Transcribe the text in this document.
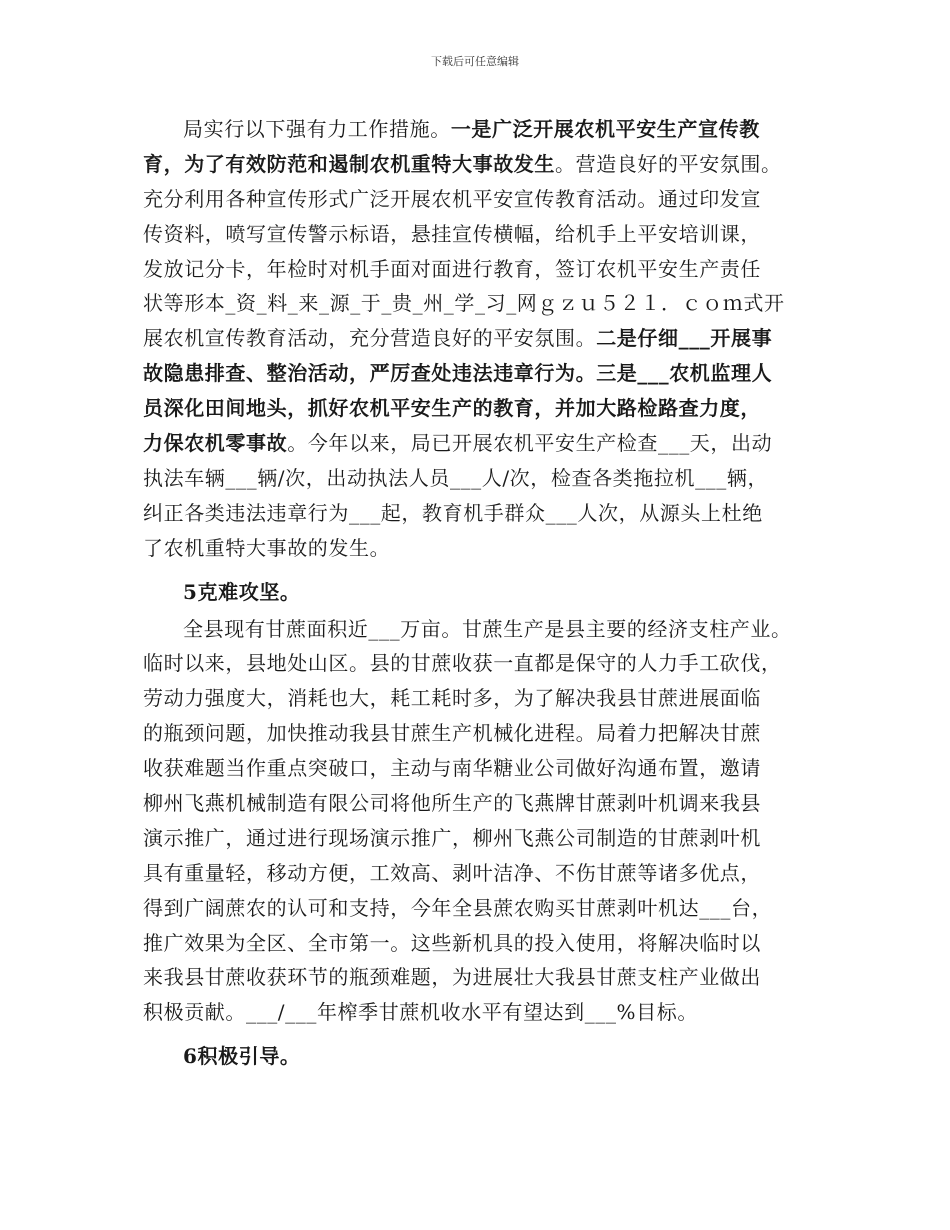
下载后可任意编辑
局实行以下强有力工作措施。一是广泛开展农机平安生产宣传教
育，为了有效防范和遏制农机重特大事故发生。营造良好的平安氛围。
充分利用各种宣传形式广泛开展农机平安宣传教育活动。通过印发宣
传资料，喷写宣传警示标语，悬挂宣传横幅，给机手上平安培训课，
发放记分卡，年检时对机手面对面进行教育，签订农机平安生产责任
状等形本_资_料_来_源_于_贵_州_学_习_网ｇｚｕ５２１．ｃｏｍ式开
展农机宣传教育活动，充分营造良好的平安氛围。二是仔细___开展事
故隐患排查、整治活动，严厉查处违法违章行为。三是___农机监理人
员深化田间地头，抓好农机平安生产的教育，并加大路检路查力度，
力保农机零事故。今年以来，局已开展农机平安生产检查___天，出动
执法车辆___辆/次，出动执法人员___人/次，检查各类拖拉机___辆，
纠正各类违法违章行为___起，教育机手群众___人次，从源头上杜绝
了农机重特大事故的发生。
5克难攻坚。
全县现有甘蔗面积近___万亩。甘蔗生产是县主要的经济支柱产业。
临时以来，县地处山区。县的甘蔗收获一直都是保守的人力手工砍伐，
劳动力强度大，消耗也大，耗工耗时多，为了解决我县甘蔗进展面临
的瓶颈问题，加快推动我县甘蔗生产机械化进程。局着力把解决甘蔗
收获难题当作重点突破口，主动与南华糖业公司做好沟通布置，邀请
柳州飞燕机械制造有限公司将他所生产的飞燕牌甘蔗剥叶机调来我县
演示推广，通过进行现场演示推广，柳州飞燕公司制造的甘蔗剥叶机
具有重量轻，移动方便，工效高、剥叶洁净、不伤甘蔗等诸多优点，
得到广阔蔗农的认可和支持，今年全县蔗农购买甘蔗剥叶机达___台，
推广效果为全区、全市第一。这些新机具的投入使用，将解决临时以
来我县甘蔗收获环节的瓶颈难题，为进展壮大我县甘蔗支柱产业做出
积极贡献。___/___年榨季甘蔗机收水平有望达到___%目标。
6积极引导。
